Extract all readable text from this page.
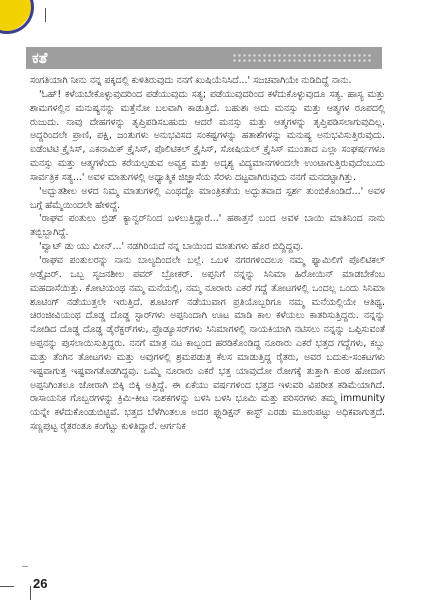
ಕತೆ

ಸಂಗತಿಯಾಗಿ ನೀನು ನನ್ನ ಪಕ್ಕದಲ್ಲಿ ಕುಳಿತಿರುವುದು ನನಗೆ ಖುಷಿಯೆನಿಸಿದೆ...' ಸಜಚವಾಗಿಯೇ ನುಡಿದಿದ್ದೆ ನಾನು.

'ಓಹ್! ಕಳೆಯಬೇಕೊಳ್ಳುವುದರಿಂದ ಪಡೆಯುವುದು ಸತ್ಯ; ಪಡೆಯುವುದರಿಂದ ಕಳೆದುಕೊಳ್ಳುವುದೂ ಸತ್ಯ. ಹಾಸ್ಯ ಮತ್ತು ಶಾಮಗಳಲ್ಲಿನ ಮನುಷ್ಯನನ್ನು ಮತ್ತೆನೋ ಬಲವಾಗಿ ಕಾಡುತ್ತಿದೆ. ಬಹುಶಃ ಅದು ಮನಸ್ಸು ಮತ್ತು ಆತ್ಮಗಳ ರೂಪದಲ್ಲಿ ರುಜುದು. ನಾವು ದೇಹಗಳನ್ನು ತೃಪ್ತಿಪಡಿಸಬಹುದು ಆದರೆ ಮನಸ್ಸು ಮತ್ತು ಆತ್ಮಗಳನ್ನು ತೃಪ್ತಿಪಡಿಸಲಾಗುವುದಿಲ್ಲ. ಅದ್ದರಿಂದಲೇ ಪ್ರಾಣಿ, ಪಕ್ಷಿ, ಜಂತುಗಳು ಅನುಭವಿಸದ ಸಂಕಷ್ಟಗಳನ್ನು ಹತಾಶೆಗಳನ್ನು ಮನುಷ್ಯ ಅನುಭವಿಸುತ್ತಿರುವುದು. ಐಡೆಂಟಿಟಿ ಕ್ರೈಸಿಸ್, ಎಕನಾಮಿಕ್ ಕ್ರೈಸಿಸ್, ಪೊಲಿಟಿಕಲ್ ಕ್ರೈಸಿಸ್, ಸೋಷಿಯಲ್ ಕ್ರೈಸಿಸ್ ಮುಂತಾದ ಎಲ್ಲಾ ಸಂಘರ್ಷಗಳೂ ಮನಸ್ಸು ಮತ್ತು ಆತ್ಮಗಳೆಂದು ಕರೆಯಲ್ಪಡುವ ಅವ್ಯಕ್ತ ಮತ್ತು ಅದೃಶ್ಯ ವಿದ್ಯಮಾನಗಳಿಂದಲೇ ಉಂಟಾಗುತ್ತಿರುವುದೆಂಬುದು ಸಾರ್ವತ್ರಿಕ ಸತ್ಯ...' ಅವಳ ಮಾತುಗಳಲ್ಲಿ ಅಧ್ಯಾತ್ಮಿಕ ಜಿಜ್ಞಾಸೆಯ ಸೆರಳು ದಟ್ಟವಾಗಿರುವುದು ನನಗೆ ಮನದಟ್ಟಾಗಿತ್ತು.

'ಅದ್ಭುತಶೀಲ ಅಳದ ನಿಮ್ಮ ಮಾತುಗಳಲ್ಲಿ ಎಂಥದ್ದೊ ಮಾಂತ್ರಿಕತೆಯ ಅದ್ಭುತವಾದ ಸ್ಪರ್ಶ ತುಂಬಿಕೊಂಡಿದೆ...' ಅವಳ ಬಗ್ಗೆ ಹೆಮ್ಮೆಯಿಂದಲೇ ಹೇಳಿದ್ದೆ.

'ರಾಘವ ಪಂತುಲು ಬ್ರಿಡ್ ಕ್ಯಾನ್ವರ್‌ನಿಂದ ಬಳಲುತ್ತಿದ್ದಾರೆ...' ಹಠಾತ್ತನೆ ಬಂದ ಅವಳ ಬಾಯಿ ಮಾತಿನಿಂದ ನಾನು ತಬ್ಬಿಬ್ಬಾಗಿದ್ದೆ.

'ವ್ವಾಟ್ ಡು ಯು ಮೀನ್...' ನಡಗಿರಿಯದೆ ನನ್ನ ಬಾಯಿಂದ ಮಾತುಗಳು ಹೊರ ಬಿದ್ದಿದ್ದವು.

'ರಾಘವ ಪಂತುಲರನ್ನು ನಾನು ಬಾಲ್ಯದಿಂದಲೇ ಬಲ್ಲೆ. ಒಬಳ ನಗರಗಳಿಂದಲೂ ನಮ್ಮ ಫ್ಯಾಮಿಲಿಗೆ ಪೊಲಿಟಿಕಲ್ ಅಡ್ಸೈಜರ್. ಒಬ್ಬ ಸೃಜನಶೀಲ ಪವರ್ ಬ್ರೋಕರ್. ಅಪ್ಪನಿಗೆ ನನ್ನನ್ನು ಸಿನಿಮಾ ಹಿರೋಯಿನ್ ಮಾಡಬೇಕೆಂಬ ಮಹದಾಸೆಯಿತ್ತು. ಕೋಟಿಯಂಥ ನಮ್ಮ ಮನೆಯಲ್ಲಿ, ನಮ್ಮ ನೂರಾರು ಎಕರೆ ಗದ್ದೆ ತೋಟಗಳಲ್ಲಿ ಒಂದಲ್ಲ ಒಂದು ಸಿನಿಮಾ ಶೂಟಿಂಗ್ ನಡೆಯುತ್ತಲೇ ಇರುತ್ತಿದೆ. ಶೂಟಿಂಗ್ ನಡೆಯುವಾಗ ಪ್ರತಿಯೊಬ್ಬರಿಗೂ ನಮ್ಮ ಮನೆಯಲ್ಲಿಯೇ ಆತಿಥ್ಯ. ಚಿರಂಜೀವಿಯಂಥ ದೊಡ್ಡ ದೊಡ್ಡ ಸ್ಟಾರ್‌ಗಳು ಅಪ್ಪನಿಂದಾಗಿ ಊಟ ಮಾಡಿ ಕಾಲ ಕಳೆಯಲು ಕಾತರಿಸುತ್ತಿದ್ದರು. ನನ್ನನ್ನು ನೋಡಿದ ದೊಡ್ಡ ದೊಡ್ಡ ಡೈರೆಕ್ಟರ್‌ಗಳು, ಪ್ರೊಡ್ಯೂಸರ್‌ಗಳು ಸಿನಿಮಾಗಳಲ್ಲಿ ನಾಯಕಿಯಾಗಿ ನಟಿಸಲು ನನ್ನನ್ನು ಒಪ್ಪಿಸುವಂತೆ ಅಪ್ಪನನ್ನು ಪುಸಲಾಯಿಸುತ್ತಿದ್ದರು. ನನಗೆ ಮಾತ್ರ ನಟ ಕಾಬ್ಬಂದ ಹರಡಿಕೊಂಡಿದ್ದ ನೂರಾರು ಎಕರೆ ಭತ್ತದ ಗದ್ದೆಗಳು, ಕಬ್ಬು ಮತ್ತು ತೆಂಗಿನ ತೋಟಗಳು ಮತ್ತು ಅವುಗಳಲ್ಲಿ ಶ್ರಮಪಡುತ್ತ ಕೆಲಸ ಮಾಡುತ್ತಿದ್ದ ರೈತರು, ಅವರ ಬದುಕು-ಸಂಕಟಗಳು ಇಷ್ಟವಾಗುತ್ತ ಇಷ್ಟವಾಗತೊಡಗಿದ್ದವು. ಒಮ್ಮೆ ನೂರಾರು ಎಕರೆ ಭತ್ತ ಯಾವುದೋ ರೋಗಕ್ಕೆ ತುತ್ತಾಗಿ ಕುಂಠ ಹೋದಾಗ ಅಪ್ಪನಿಗಿಂತಲೂ ಜೋರಾಗಿ ಬಿಕ್ಕಿ ಬಿಕ್ಕಿ ಅತ್ತಿದ್ದೆ. ಈ ಏಕೆಯು ವರ್ಷಗಳಿಂದ ಭತ್ತದ ಇಳುವರಿ ವಿಪರೀತ ಕಡಿಮೆಯಾಗಿದೆ. ರಾಸಾಯನಿಕ ಗೊಬ್ಬರಗಳನ್ನು ಕ್ರಿಮಿ-ಕೀಟ ನಾಶಕಗಳನ್ನು ಬಳಸಿ ಬಳಸಿ ಭೂಮಿ ಮತ್ತು ಪರಿಸರಗಳು ತಮ್ಮ immunity ಯನ್ನೇ ಕಳೆದುಕೊಂಡುಬಿಟ್ಟಿವೆ. ಭತ್ತದ ಬೆಳೆಗಿಂತಲೂ ಅದರ ಫ್ಲುಡಿಕ್ಷನ್ ಕಾಸ್ಟ್ ಎರಡು ಮೂರುಪಟ್ಟು ಅಧಿಕವಾಗುತ್ತದೆ. ಸಣ್ಣಪುಟ್ಟ ರೈತರಂತೂ ಕಂಗೆಟ್ಟು ಕುಳಿತಿದ್ದಾರೆ. ಆರ್ಗನಿಕ

26
